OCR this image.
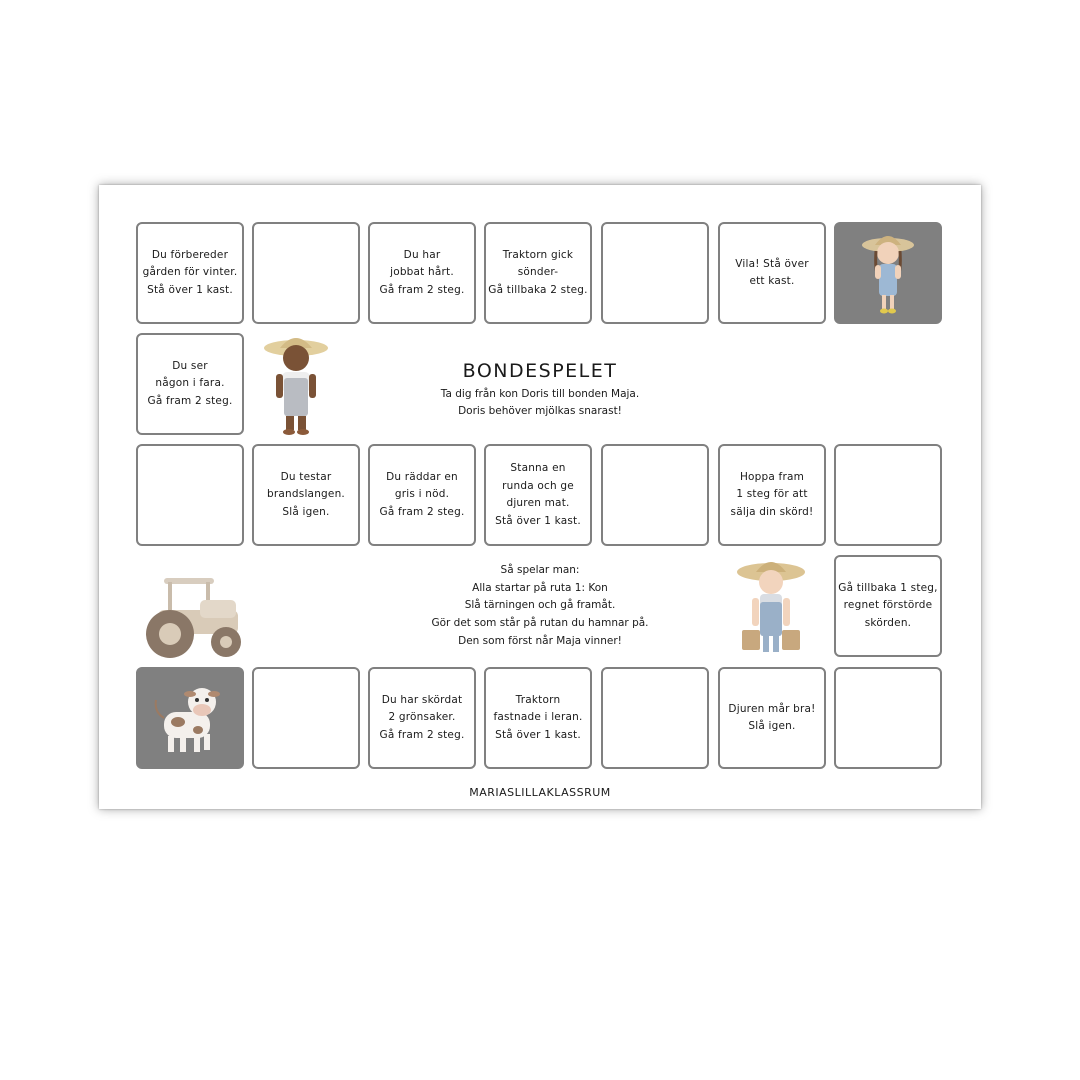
Du förbereder
gården för vinter.
Stå över 1 kast.
Du har
jobbat hårt.
Gå fram 2 steg.
Traktorn gick
sönder-
Gå tillbaka 2 steg.
Vila! Stå över
ett kast.
Du ser
någon i fara.
Gå fram 2 steg.
BONDESPELET
Ta dig från kon Doris till bonden Maja.
Doris behöver mjölkas snarast!
Du testar
brandslangen.
Slå igen.
Du räddar en
gris i nöd.
Gå fram 2 steg.
Stanna en
runda och ge
djuren mat.
Stå över 1 kast.
Hoppa fram
1 steg för att
sälja din skörd!
Så spelar man:
Alla startar på ruta 1: Kon
Slå tärningen och gå framåt.
Gör det som står på rutan du hamnar på.
Den som först når Maja vinner!
Gå tillbaka 1 steg,
regnet förstörde
skörden.
Du har skördat
2 grönsaker.
Gå fram 2 steg.
Traktorn
fastnade i leran.
Stå över 1 kast.
Djuren mår bra!
Slå igen.
MARIASLILLAKLASSRUM
